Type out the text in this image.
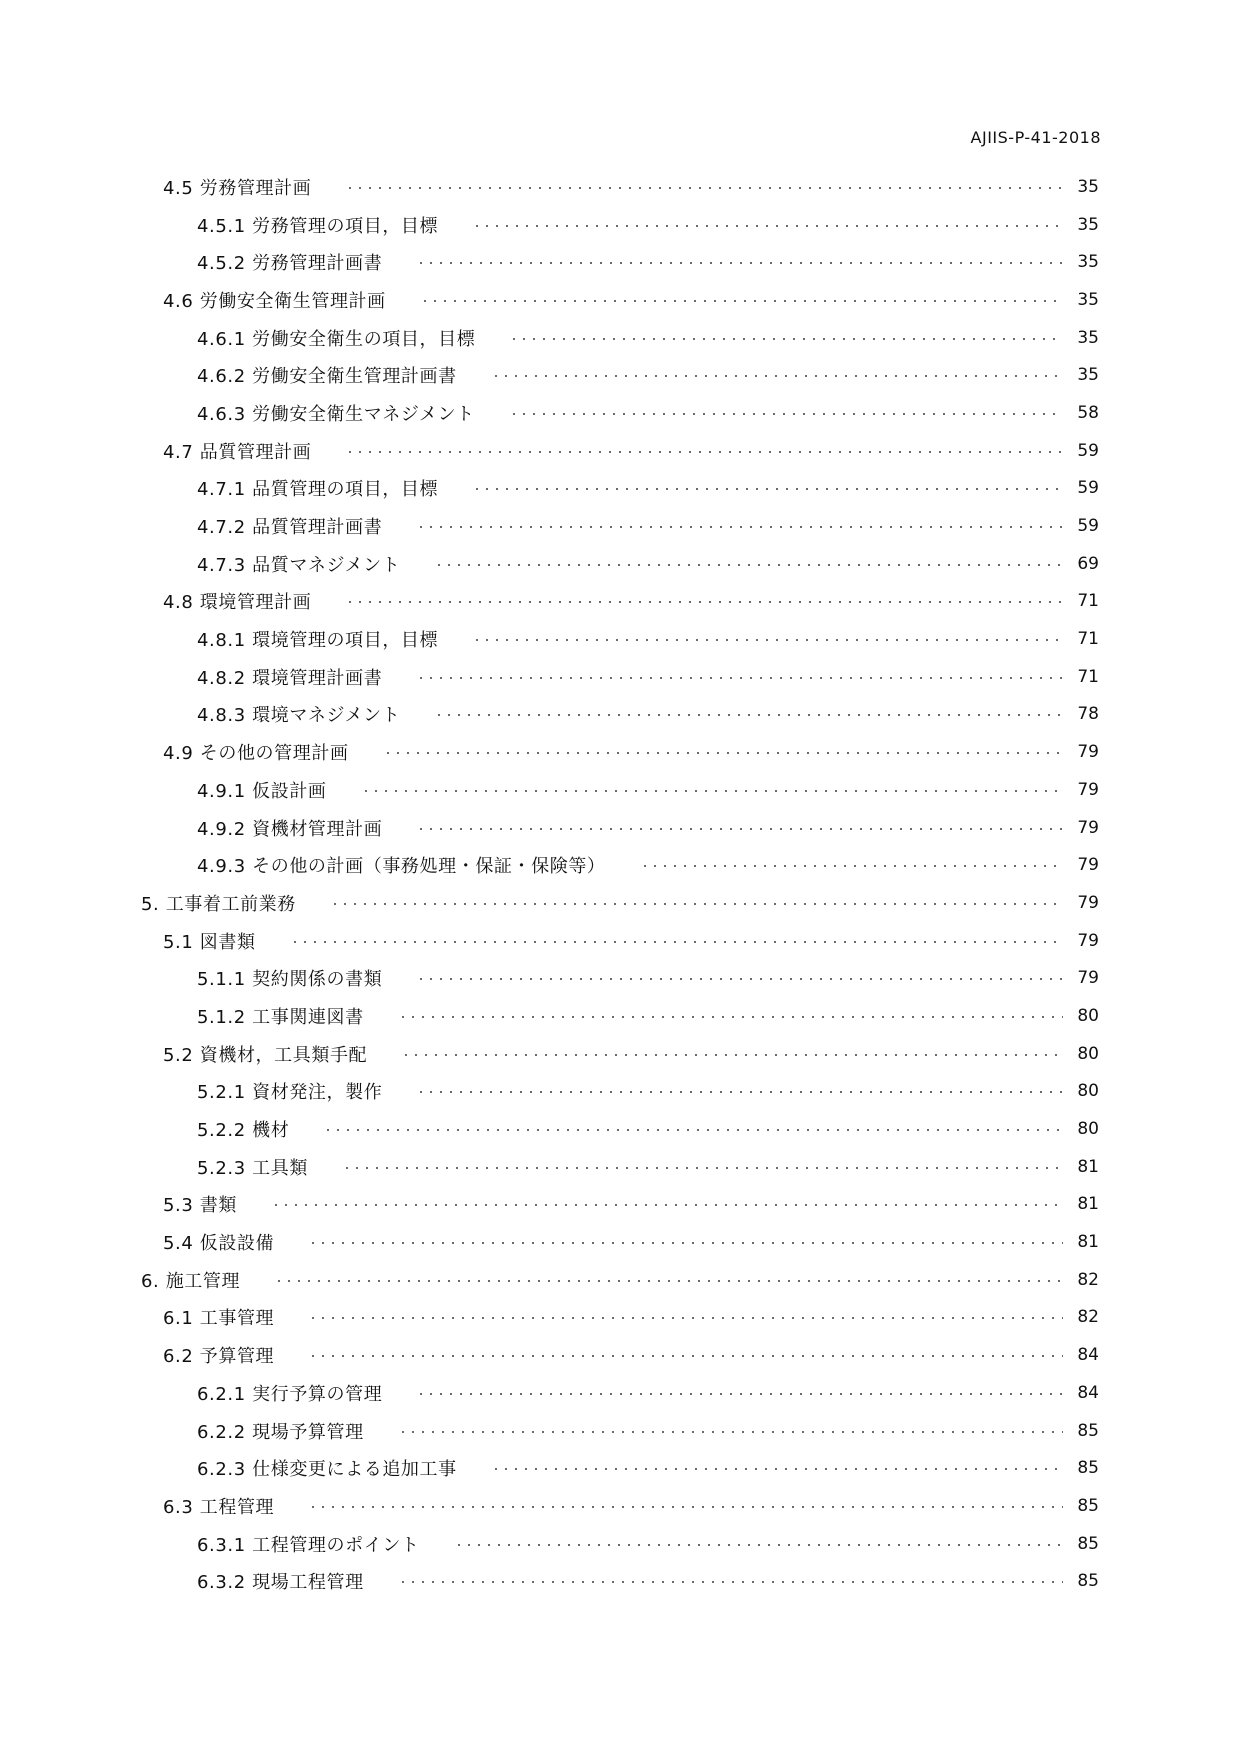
AJIIS-P-41-2018
4.5 労務管理計画	35
4.5.1 労務管理の項目，目標	35
4.5.2 労務管理計画書	35
4.6 労働安全衛生管理計画	35
4.6.1 労働安全衛生の項目，目標	35
4.6.2 労働安全衛生管理計画書	35
4.6.3 労働安全衛生マネジメント	58
4.7 品質管理計画	59
4.7.1 品質管理の項目，目標	59
4.7.2 品質管理計画書	59
4.7.3 品質マネジメント	69
4.8 環境管理計画	71
4.8.1 環境管理の項目，目標	71
4.8.2 環境管理計画書	71
4.8.3 環境マネジメント	78
4.9 その他の管理計画	79
4.9.1 仮設計画	79
4.9.2 資機材管理計画	79
4.9.3 その他の計画（事務処理・保証・保険等）	79
5. 工事着工前業務	79
5.1 図書類	79
5.1.1 契約関係の書類	79
5.1.2 工事関連図書	80
5.2 資機材，工具類手配	80
5.2.1 資材発注，製作	80
5.2.2 機材	80
5.2.3 工具類	81
5.3 書類	81
5.4 仮設設備	81
6. 施工管理	82
6.1 工事管理	82
6.2 予算管理	84
6.2.1 実行予算の管理	84
6.2.2 現場予算管理	85
6.2.3 仕様変更による追加工事	85
6.3 工程管理	85
6.3.1 工程管理のポイント	85
6.3.2 現場工程管理	85
